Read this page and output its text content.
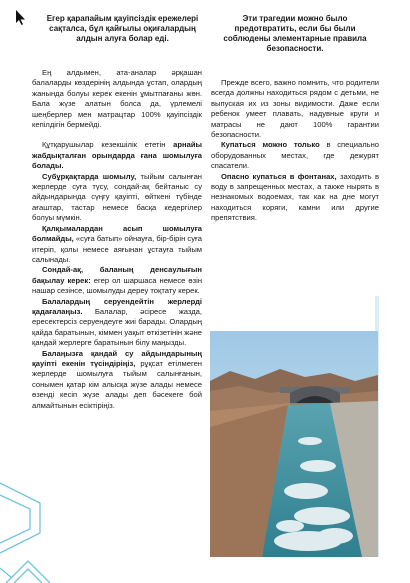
Егер қарапайым қауіпсіздік ережелері сақталса, бұл қайғылы оқиғалардың алдын алуға болар еді.

Ең алдымен, ата-аналар әрқашан балаларды көздерінің алдында ұстап, олардың жанында болуы керек екенін ұмытпағаны жөн. Бала жүзе алатын болса да, үрлемелі шеңберлер мен матрацтар 100% қауіпсіздік кепілдігін бермейді.

Құтқарушылар кезекшілік ететін арнайы жабдықталған орындарда ғана шомылуға болады.

Субұрқақтарда шомылу, тыйым салынған жерлерде суға түсу, сондай-ақ бейтаныс су айдындарында сүңгу қауіпті, өйткені түбінде ағаштар, тастар немесе басқа кедергілер болуы мүмкін.

Қалқымалардан асып шомылуға болмайды, «суға батып» ойнауға, бір-бірін суға итеріп, қолы немесе аяғынан ұстауға тыйым салынады.

Сондай-ақ, баланың денсаулығын бақылау керек: егер ол шаршаса немесе өзін нашар сезінсе, шомылуды дереу тоқтату керек.

Балалардың серуендейтін жерлерді қадағалаңыз. Балалар, әсіресе жазда, ересектерсіз серуендеуге жиі барады. Олардың қайда баратынын, кіммен уақыт өткізетінін және қандай жерлерге баратынын білу маңызды.

Балаңызға қандай су айдындарының қауіпті екенін түсіндіріңіз, рұқсат етілмеген жерлерде шомылуға тыйым салынғанын, сонымен қатар кім алысқа жүзе алады немесе өзенді кесіп жүзе алады деп бәсекеге бой алмайтынын есіктіріңіз.

Эти трагедии можно было предотвратить, если бы были соблюдены элементарные правила безопасности.

Прежде всего, важно помнить, что родители всегда должны находиться рядом с детьми, не выпуская их из зоны видимости. Даже если ребенок умеет плавать, надувные круги и матрасы не дают 100% гарантии безопасности.

Купаться можно только в специально оборудованных местах, где дежурят спасатели.

Опасно купаться в фонтанах, заходить в воду в запрещенных местах, а также нырять в незнакомых водоемах, так как на дне могут находиться коряги, камни или другие препятствия.
